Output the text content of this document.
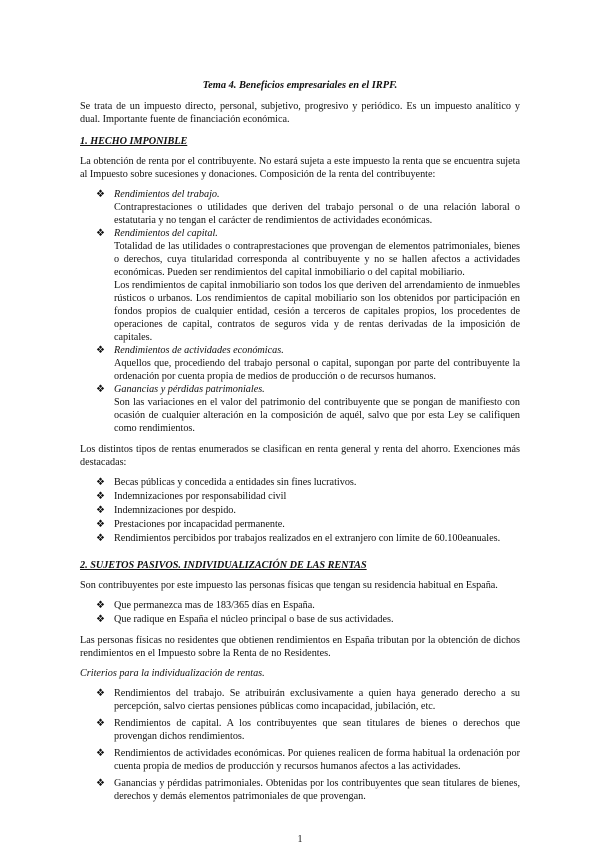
Tema 4. Beneficios empresariales en el IRPF.

Se trata de un impuesto directo, personal, subjetivo, progresivo y periódico. Es un impuesto analítico y dual. Importante fuente de financiación económica.

1. HECHO IMPONIBLE

La obtención de renta por el contribuyente. No estará sujeta a este impuesto la renta que se encuentra sujeta al Impuesto sobre sucesiones y donaciones. Composición de la renta del contribuyente:

❖ Rendimientos del trabajo.
Contraprestaciones o utilidades que deriven del trabajo personal o de una relación laboral o estatutaria y no tengan el carácter de rendimientos de actividades económicas.
❖ Rendimientos del capital.
Totalidad de las utilidades o contraprestaciones que provengan de elementos patrimoniales, bienes o derechos, cuya titularidad corresponda al contribuyente y no se hallen afectos a actividades económicas. Pueden ser rendimientos del capital inmobiliario o del capital mobiliario.
Los rendimientos de capital inmobiliario son todos los que deriven del arrendamiento de inmuebles rústicos o urbanos. Los rendimientos de capital mobiliario son los obtenidos por participación en fondos propios de cualquier entidad, cesión a terceros de capitales propios, los procedentes de operaciones de capital, contratos de seguros vida y de rentas derivadas de la imposición de capitales.
❖ Rendimientos de actividades económicas.
Aquellos que, procediendo del trabajo personal o capital, supongan por parte del contribuyente la ordenación por cuenta propia de medios de producción o de recursos humanos.
❖ Ganancias y pérdidas patrimoniales.
Son las variaciones en el valor del patrimonio del contribuyente que se pongan de manifiesto con ocasión de cualquier alteración en la composición de aquél, salvo que por esta Ley se califiquen como rendimientos.

Los distintos tipos de rentas enumerados se clasifican en renta general y renta del ahorro. Exenciones más destacadas:

❖ Becas públicas y concedida a entidades sin fines lucrativos.
❖ Indemnizaciones por responsabilidad civil
❖ Indemnizaciones por despido.
❖ Prestaciones por incapacidad permanente.
❖ Rendimientos percibidos por trabajos realizados en el extranjero con límite de 60.100eanuales.
2. SUJETOS PASIVOS. INDIVIDUALIZACIÓN DE LAS RENTAS

Son contribuyentes por este impuesto las personas físicas que tengan su residencia habitual en España.

❖ Que permanezca mas de 183/365 días en España.
❖ Que radique en España el núcleo principal o base de sus actividades.

Las personas físicas no residentes que obtienen rendimientos en España tributan por la obtención de dichos rendimientos en el Impuesto sobre la Renta de no Residentes.

Criterios para la individualización de rentas.
❖ Rendimientos del trabajo. Se atribuirán exclusivamente a quien haya generado derecho a su percepción, salvo ciertas pensiones públicas como incapacidad, jubilación, etc.
❖ Rendimientos de capital. A los contribuyentes que sean titulares de bienes o derechos que provengan dichos rendimientos.
❖ Rendimientos de actividades económicas. Por quienes realicen de forma habitual la ordenación por cuenta propia de medios de producción y recursos humanos afectos a las actividades.
❖ Ganancias y pérdidas patrimoniales. Obtenidas por los contribuyentes que sean titulares de bienes, derechos y demás elementos patrimoniales de que provengan.
1
